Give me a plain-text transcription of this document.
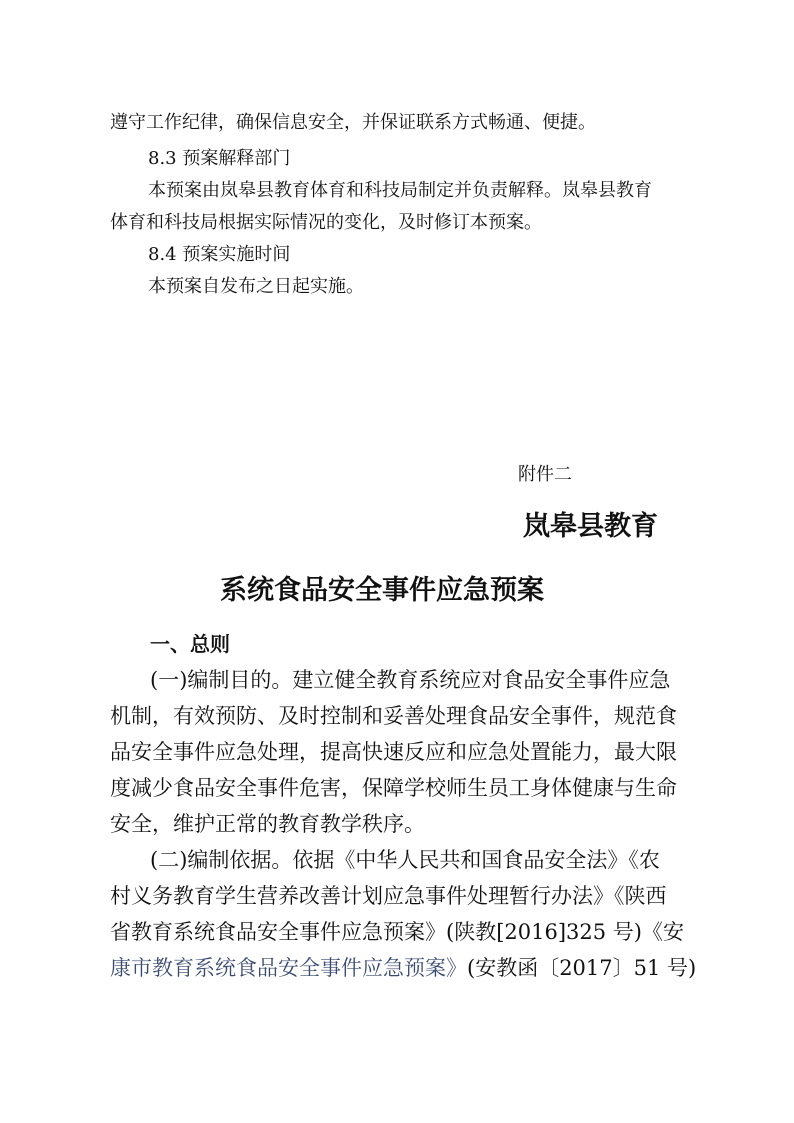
遵守工作纪律，确保信息安全，并保证联系方式畅通、便捷。

8.3 预案解释部门

本预案由岚皋县教育体育和科技局制定并负责解释。岚皋县教育

体育和科技局根据实际情况的变化，及时修订本预案。

8.4 预案实施时间

本预案自发布之日起实施。

附件二

岚皋县教育

系统食品安全事件应急预案

一、总则

(一)编制目的。建立健全教育系统应对食品安全事件应急

机制，有效预防、及时控制和妥善处理食品安全事件，规范食

品安全事件应急处理，提高快速反应和应急处置能力，最大限

度减少食品安全事件危害，保障学校师生员工身体健康与生命

安全，维护正常的教育教学秩序。

(二)编制依据。依据《中华人民共和国食品安全法》《农

村义务教育学生营养改善计划应急事件处理暂行办法》《陕西

省教育系统食品安全事件应急预案》(陕教[2016]325 号)《安

康市教育系统食品安全事件应急预案》(安教函〔2017〕51 号)
